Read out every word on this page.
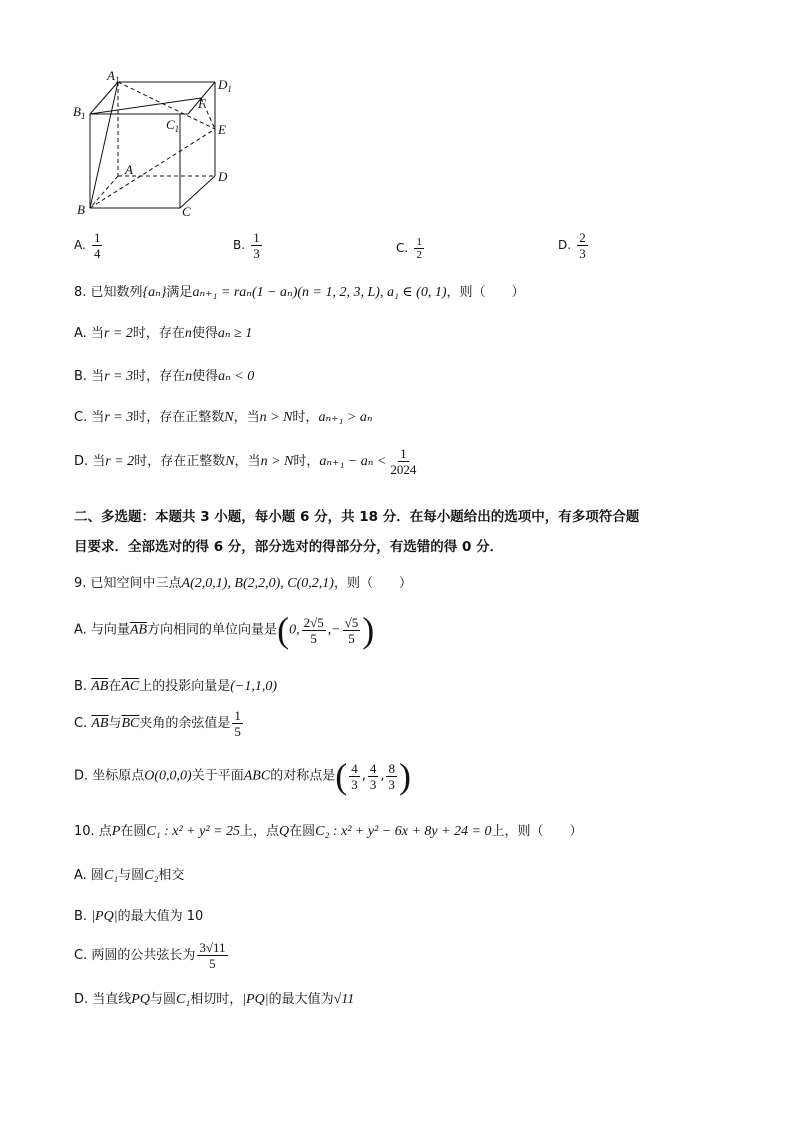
$A_1$	$D_1$
$B_1$
$C_1$
F
E
A	D
B	C
A. $\frac{1}{4}$	B. $\frac{1}{3}$	C. $\frac{1}{2}$	D. $\frac{2}{3}$
8. 已知数列{aₙ}满足aₙ₊₁ = raₙ(1 − aₙ)(n = 1, 2, 3, L), a₁ ∈ (0, 1)，则（　　）
A. 当r = 2时，存在n使得aₙ ≥ 1
B. 当r = 3时，存在n使得aₙ < 0
C. 当r = 3时，存在正整数N，当n > N时，aₙ₊₁ > aₙ
D. 当r = 2时，存在正整数N，当n > N时，$a_{n+1} - a_n < \frac{1}{2024}$
二、多选题：本题共 3 小题，每小题 6 分，共 18 分．在每小题给出的选项中，有多项符合题
目要求．全部选对的得 6 分，部分选对的得部分分，有选错的得 0 分．
9. 已知空间中三点A(2,0,1), B(2,2,0), C(0,2,1)，则（　　）
A. 与向量$\overline{AB}$方向相同的单位向量是(0, $\frac{2√5}{5}$ ,− $\frac{√5}{5}$ )
B. $\overline{AB}$在$\overline{AC}$上的投影向量是(−1,1,0)
C. $\overline{AB}$与$\overline{BC}$夹角的余弦值是 $\frac{1}{5}$
D. 坐标原点O(0,0,0)关于平面ABC的对称点是( $\frac{4}{3}$ , $\frac{4}{3}$ , $\frac{8}{3}$ )
10. 点P在圆C₁ : x² + y² = 25上，点Q在圆C₂ : x² + y² − 6x + 8y + 24 = 0上，则（　　）
A. 圆C₁与圆C₂相交
B. |PQ|的最大值为 10
C. 两圆的公共弦长为 $\frac{3√11}{5}$
D. 当直线PQ与圆C₁相切时，|PQ|的最大值为√11
